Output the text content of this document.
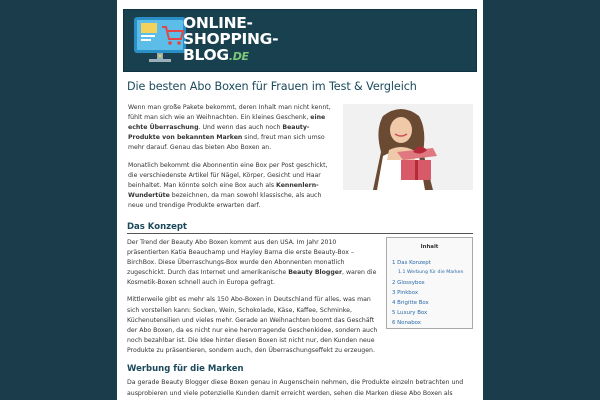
ONLINE-
SHOPPING-
BLOG.DE
Die besten Abo Boxen für Frauen im Test & Vergleich

Wenn man große Pakete bekommt, deren Inhalt man nicht kennt, fühlt man sich wie an Weihnachten. Ein kleines Geschenk, eine echte Überraschung. Und wenn das auch noch Beauty-Produkte von bekannten Marken sind, freut man sich umso mehr darauf. Genau das bieten Abo Boxen an.

Monatlich bekommt die Abonnentin eine Box per Post geschickt, die verschiedenste Artikel für Nägel, Körper, Gesicht und Haar beinhaltet. Man könnte solch eine Box auch als Kennenlern-Wundertüte bezeichnen, da man sowohl klassische, als auch neue und trendige Produkte erwarten darf.

Das Konzept

Der Trend der Beauty Abo Boxen kommt aus den USA. Im Jahr 2010 präsentierten Katia Beauchamp und Hayley Barna die erste Beauty-Box – BirchBox. Diese Überraschungs-Box wurde den Abonnenten monatlich zugeschickt. Durch das Internet und amerikanische Beauty Blogger, waren die Kosmetik-Boxen schnell auch in Europa gefragt.

Mittlerweile gibt es mehr als 150 Abo-Boxen in Deutschland für alles, was man sich vorstellen kann: Socken, Wein, Schokolade, Käse, Kaffee, Schminke, Küchenutensilien und vieles mehr. Gerade an Weihnachten boomt das Geschäft der Abo Boxen, da es nicht nur eine hervorragende Geschenkidee, sondern auch noch bezahlbar ist. Die Idee hinter diesen Boxen ist nicht nur, den Kunden neue Produkte zu präsentieren, sondern auch, den Überraschungseffekt zu erzeugen.

Inhalt
1 Das Konzept
1.1 Werbung für die Marken
2 Glossybox
3 Pinkbox
4 Brigitte Box
5 Luxury Box
6 Nonabox
Werbung für die Marken
Da gerade Beauty Blogger diese Boxen genau in Augenschein nehmen, die Produkte einzeln betrachten und ausprobieren und viele potenzielle Kunden damit erreicht werden, sehen die Marken diese Abo Boxen als
